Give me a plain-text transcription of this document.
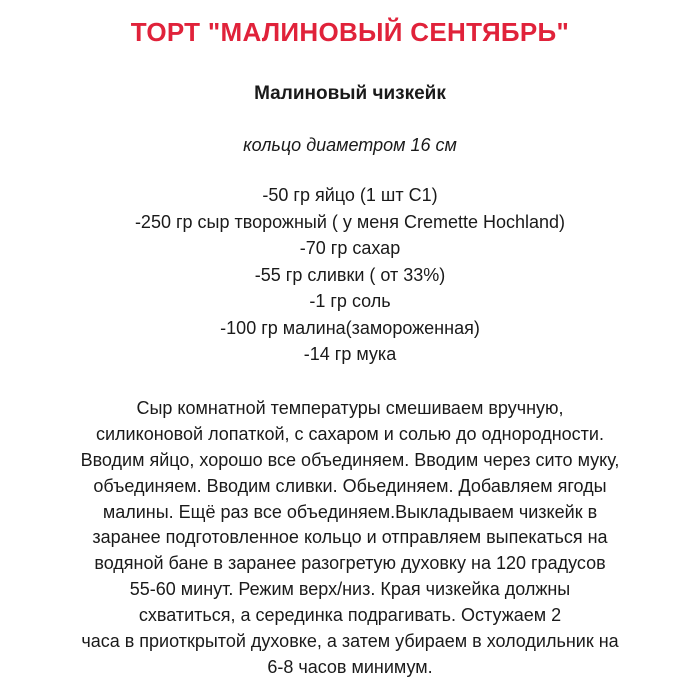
ТОРТ "МАЛИНОВЫЙ СЕНТЯБРЬ"
Малиновый чизкейк
кольцо диаметром 16 см
-50 гр яйцо (1 шт С1)
-250 гр сыр творожный ( у меня Cremette Hochland)
-70 гр сахар
-55 гр сливки ( от 33%)
-1 гр соль
-100 гр малина(замороженная)
-14 гр мука
Сыр комнатной температуры смешиваем вручную,
силиконовой лопаткой, с сахаром и солью до однородности.
Вводим яйцо, хорошо все объединяем. Вводим через сито муку,
объединяем. Вводим сливки. Обьединяем. Добавляем ягоды
малины. Ещё раз все объединяем.Выкладываем чизкейк в
заранее подготовленное кольцо и отправляем выпекаться на
водяной бане в заранее разогретую духовку на 120 градусов
55-60 минут. Режим верх/низ. Края чизкейка должны
схватиться, а серединка подрагивать. Остужаем 2
часа в приоткрытой духовке, а затем убираем в холодильник на
6-8 часов минимум.
